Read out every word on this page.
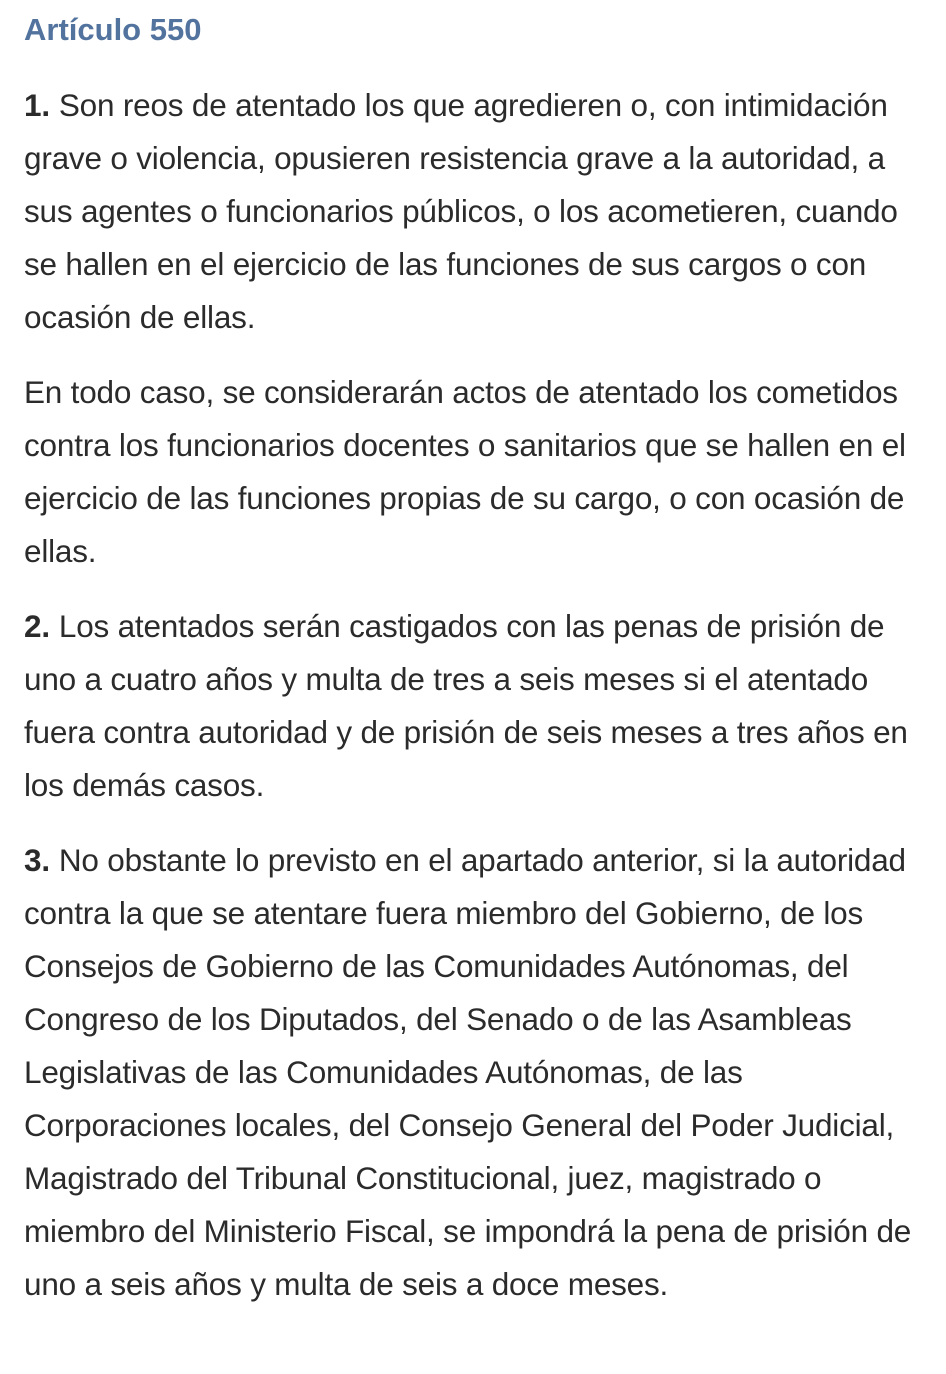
Artículo 550

1. Son reos de atentado los que agredieren o, con intimidación grave o violencia, opusieren resistencia grave a la autoridad, a sus agentes o funcionarios públicos, o los acometieren, cuando se hallen en el ejercicio de las funciones de sus cargos o con ocasión de ellas.

En todo caso, se considerarán actos de atentado los cometidos contra los funcionarios docentes o sanitarios que se hallen en el ejercicio de las funciones propias de su cargo, o con ocasión de ellas.

2. Los atentados serán castigados con las penas de prisión de uno a cuatro años y multa de tres a seis meses si el atentado fuera contra autoridad y de prisión de seis meses a tres años en los demás casos.

3. No obstante lo previsto en el apartado anterior, si la autoridad contra la que se atentare fuera miembro del Gobierno, de los Consejos de Gobierno de las Comunidades Autónomas, del Congreso de los Diputados, del Senado o de las Asambleas Legislativas de las Comunidades Autónomas, de las Corporaciones locales, del Consejo General del Poder Judicial, Magistrado del Tribunal Constitucional, juez, magistrado o miembro del Ministerio Fiscal, se impondrá la pena de prisión de uno a seis años y multa de seis a doce meses.
